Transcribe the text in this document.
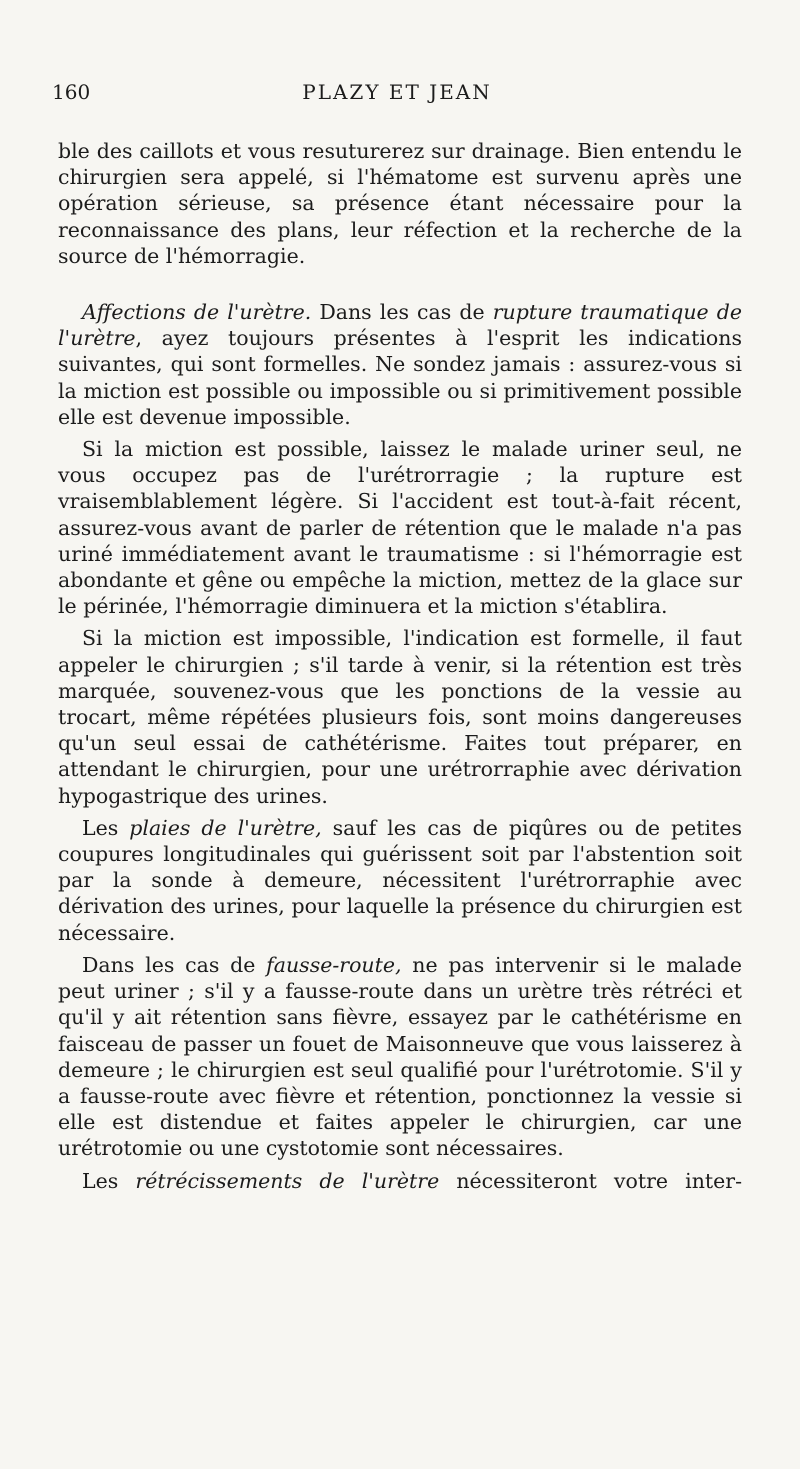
160	PLAZY ET JEAN

ble des caillots et vous resuturerez sur drainage. Bien entendu le chirurgien sera appelé, si l'hématome est survenu après une opération sérieuse, sa présence étant nécessaire pour la reconnaissance des plans, leur réfection et la recherche de la source de l'hémorragie.

Affections de l'urètre. Dans les cas de rupture traumatique de l'urètre, ayez toujours présentes à l'esprit les indications suivantes, qui sont formelles. Ne sondez jamais : assurez-vous si la miction est possible ou impossible ou si primitivement possible elle est devenue impossible.

Si la miction est possible, laissez le malade uriner seul, ne vous occupez pas de l'urétrorragie ; la rupture est vraisemblablement légère. Si l'accident est tout-à-fait récent, assurez-vous avant de parler de rétention que le malade n'a pas uriné immédiatement avant le traumatisme : si l'hémorragie est abondante et gêne ou empêche la miction, mettez de la glace sur le périnée, l'hémorragie diminuera et la miction s'établira.

Si la miction est impossible, l'indication est formelle, il faut appeler le chirurgien ; s'il tarde à venir, si la rétention est très marquée, souvenez-vous que les ponctions de la vessie au trocart, même répétées plusieurs fois, sont moins dangereuses qu'un seul essai de cathétérisme. Faites tout préparer, en attendant le chirurgien, pour une urétrorraphie avec dérivation hypogastrique des urines.

Les plaies de l'urètre, sauf les cas de piqûres ou de petites coupures longitudinales qui guérissent soit par l'abstention soit par la sonde à demeure, nécessitent l'urétrorraphie avec dérivation des urines, pour laquelle la présence du chirurgien est nécessaire.

Dans les cas de fausse-route, ne pas intervenir si le malade peut uriner ; s'il y a fausse-route dans un urètre très rétréci et qu'il y ait rétention sans fièvre, essayez par le cathétérisme en faisceau de passer un fouet de Maisonneuve que vous laisserez à demeure ; le chirurgien est seul qualifié pour l'urétrotomie. S'il y a fausse-route avec fièvre et rétention, ponctionnez la vessie si elle est distendue et faites appeler le chirurgien, car une urétrotomie ou une cystotomie sont nécessaires.

Les rétrécissements de l'urètre nécessiteront votre inter-
